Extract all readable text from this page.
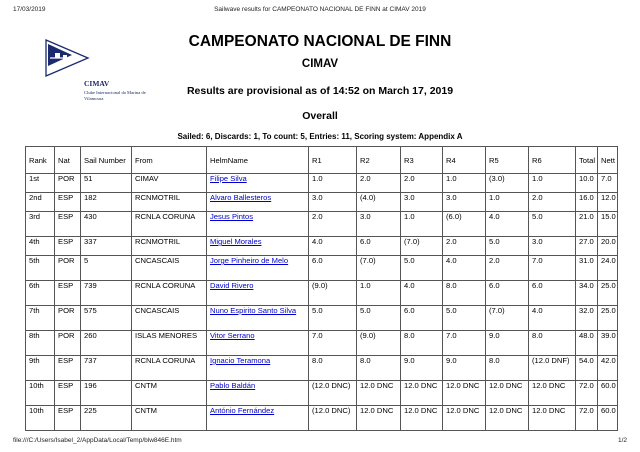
17/03/2019	Sailwave results for CAMPEONATO NACIONAL DE FINN at CIMAV 2019
CIMAV
Clube Internacional da Marina de Vilamoura
CAMPEONATO NACIONAL DE FINN
CIMAV
Results are provisional as of 14:52 on March 17, 2019
Overall
Sailed: 6, Discards: 1, To count: 5, Entries: 11, Scoring system: Appendix A
Rank	Nat	Sail Number	From	HelmName	R1	R2	R3	R4	R5	R6	Total	Nett
1st	POR	51	CIMAV	Filipe Silva	1.0	2.0	2.0	1.0	(3.0)	1.0	10.0	7.0
2nd	ESP	182	RCNMOTRIL	Alvaro Ballesteros	3.0	(4.0)	3.0	3.0	1.0	2.0	16.0	12.0
3rd	ESP	430	RCNLA CORUNA	Jesus Pintos	2.0	3.0	1.0	(6.0)	4.0	5.0	21.0	15.0
4th	ESP	337	RCNMOTRIL	Miguel Morales	4.0	6.0	(7.0)	2.0	5.0	3.0	27.0	20.0
5th	POR	5	CNCASCAIS	Jorge Pinheiro de Melo	6.0	(7.0)	5.0	4.0	2.0	7.0	31.0	24.0
6th	ESP	739	RCNLA CORUNA	David Rivero	(9.0)	1.0	4.0	8.0	6.0	6.0	34.0	25.0
7th	POR	575	CNCASCAIS	Nuno Espirito Santo Silva	5.0	5.0	6.0	5.0	(7.0)	4.0	32.0	25.0
8th	POR	260	ISLAS MENORES	Vitor Serrano	7.0	(9.0)	8.0	7.0	9.0	8.0	48.0	39.0
9th	ESP	737	RCNLA CORUNA	Ignacio Teramona	8.0	8.0	9.0	9.0	8.0	(12.0 DNF)	54.0	42.0
10th	ESP	196	CNTM	Pablo Baldán	(12.0 DNC)	12.0 DNC	12.0 DNC	12.0 DNC	12.0 DNC	12.0 DNC	72.0	60.0
10th	ESP	225	CNTM	António Fernández	(12.0 DNC)	12.0 DNC	12.0 DNC	12.0 DNC	12.0 DNC	12.0 DNC	72.0	60.0
file:///C:/Users/Isabel_2/AppData/Local/Temp/blw846E.htm	1/2
